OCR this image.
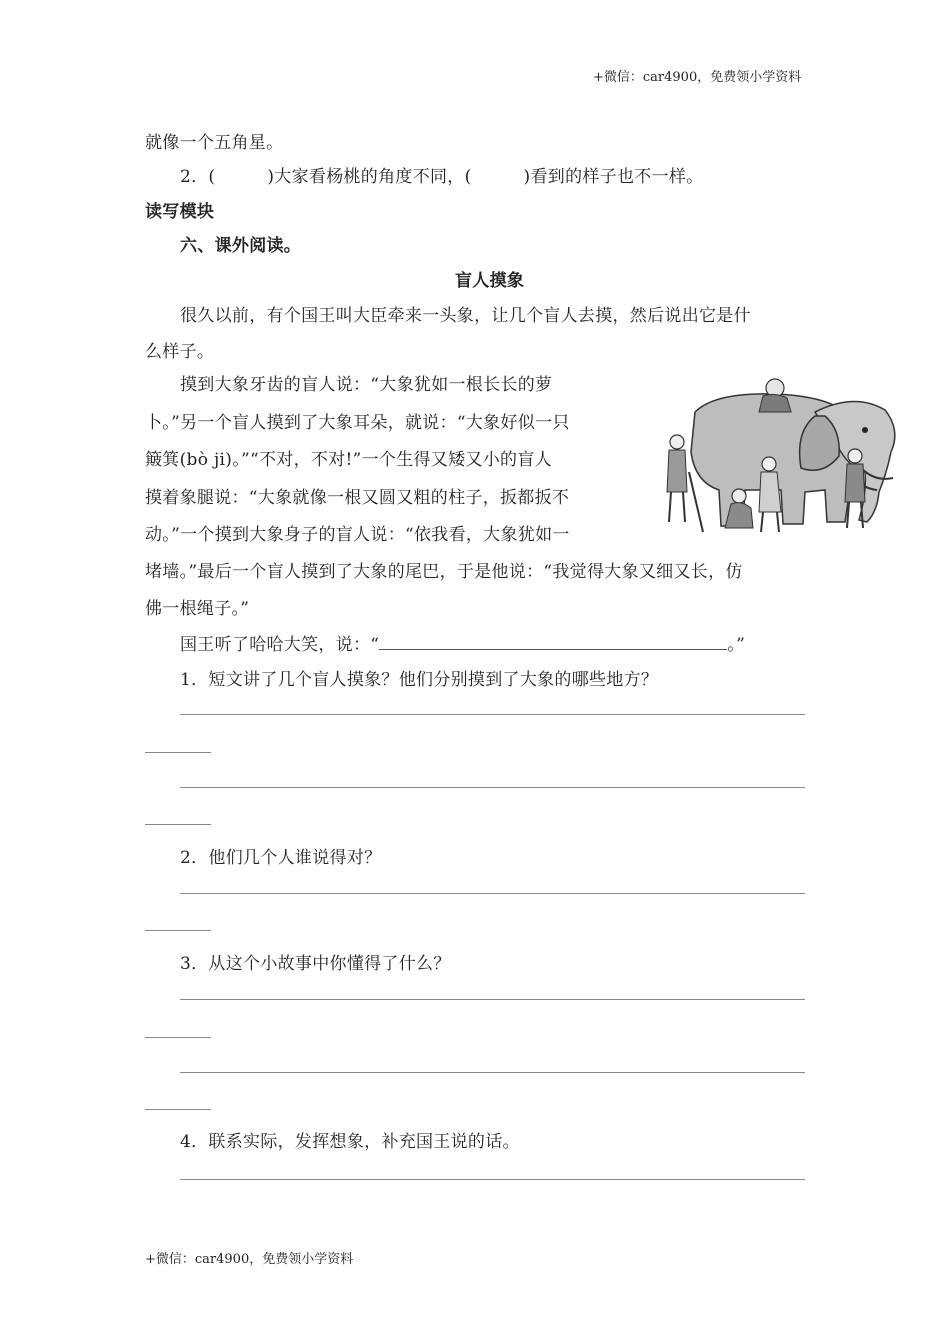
+微信：car4900，免费领小学资料
就像一个五角星。
2．(	)大家看杨桃的角度不同，(	)看到的样子也不一样。
读写模块
六、课外阅读。
盲人摸象
很久以前，有个国王叫大臣牵来一头象，让几个盲人去摸，然后说出它是什
么样子。
摸到大象牙齿的盲人说：“大象犹如一根长长的萝
卜。”另一个盲人摸到了大象耳朵，就说：“大象好似一只
簸箕(bò ji)。”“不对，不对!”一个生得又矮又小的盲人
摸着象腿说：“大象就像一根又圆又粗的柱子，扳都扳不
动。”一个摸到大象身子的盲人说：“依我看，大象犹如一
堵墙。”最后一个盲人摸到了大象的尾巴，于是他说：“我觉得大象又细又长，仿
佛一根绳子。”
国王听了哈哈大笑，说：“	。”
1．短文讲了几个盲人摸象？他们分别摸到了大象的哪些地方？
2．他们几个人谁说得对？
3．从这个小故事中你懂得了什么？
4．联系实际，发挥想象，补充国王说的话。
+微信：car4900，免费领小学资料
